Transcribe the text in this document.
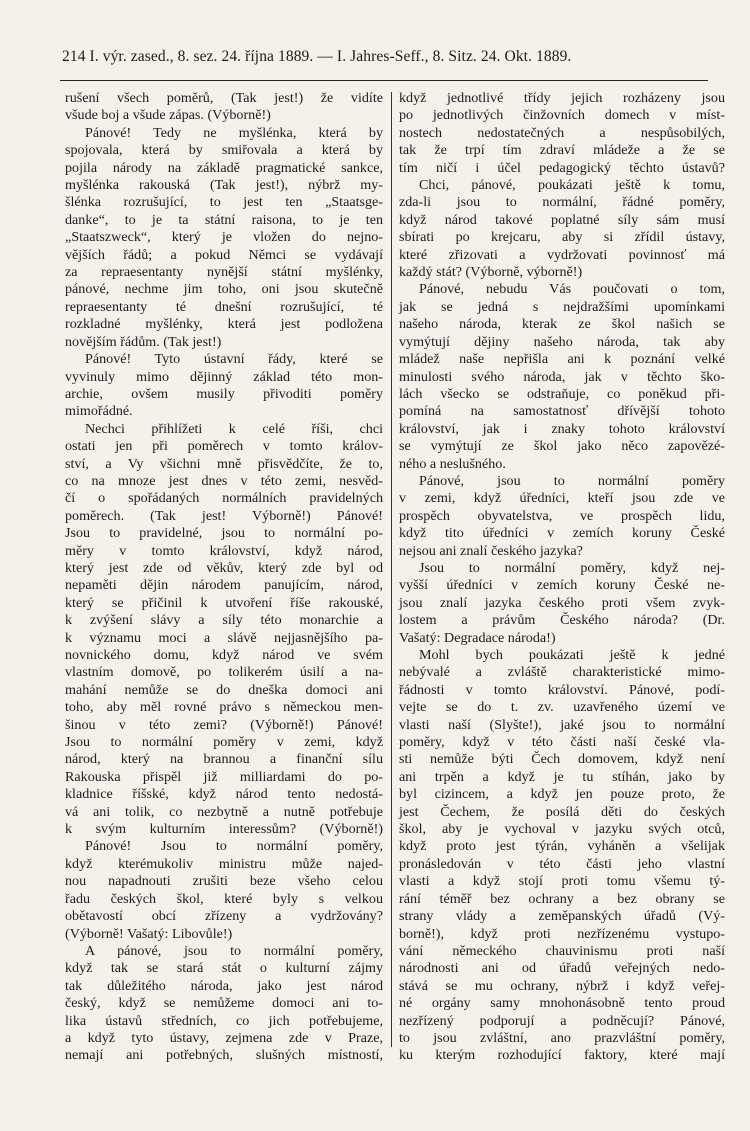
214 I. výr. zased., 8. sez. 24. října 1889. — I. Jahres-Seff., 8. Sitz. 24. Okt. 1889.
rušení všech poměrů, (Tak jest!) že vidíte
všude boj a všude zápas. (Výborně!)
Pánové! Tedy ne myšlénka, která by
spojovala, která by smiřovala a která by
pojila národy na základě pragmatické sankce,
myšlénka rakouská (Tak jest!), nýbrž my-
šlénka rozrušující, to jest ten „Staatsge-
danke“, to je ta státní raisona, to je ten
„Staatszweck“, který je vložen do nejno-
vějších řádů; a pokud Němci se vydávají
za repraesentanty nynější státní myšlénky,
pánové, nechme jim toho, oni jsou skutečně
repraesentanty té dnešní rozrušující, té
rozkladné myšlénky, která jest podložena
novějším řádům. (Tak jest!)
Pánové! Tyto ústavní řády, které se
vyvinuly mimo dějinný základ této mon-
archie, ovšem musily přivoditi poměry
mimořádné.
Nechci přihlížeti k celé říši, chci
ostati jen při poměrech v tomto králov-
ství, a Vy všichni mně přisvědčíte, že to,
co na mnoze jest dnes v této zemi, nesvěd-
čí o spořádaných normálních pravidelných
poměrech. (Tak jest! Výborně!) Pánové!
Jsou to pravidelné, jsou to normální po-
měry v tomto království, když národ,
který jest zde od věkův, který zde byl od
nepaměti dějin národem panujícím, národ,
který se přičinil k utvoření říše rakouské,
k zvýšení slávy a síly této monarchie a
k významu moci a slávě nejjasnějšího pa-
novnického domu, když národ ve svém
vlastním domově, po tolikerém úsilí a na-
mahání nemůže se do dneška domoci ani
toho, aby měl rovné právo s německou men-
šinou v této zemi? (Výborně!) Pánové!
Jsou to normální poměry v zemi, když
národ, který na brannou a finanční sílu
Rakouska přispěl již milliardami do po-
kladnice říšské, když národ tento nedostá-
vá ani tolik, co nezbytně a nutně potřebuje
k svým kulturním interessům? (Výborně!)
Pánové! Jsou to normální poměry,
když kterémukoliv ministru může najed-
nou napadnouti zrušiti beze všeho celou
řadu českých škol, které byly s velkou
obětavostí obcí zřízeny a vydržovány?
(Výborně! Vašatý: Libovůle!)
A pánové, jsou to normální poměry,
když tak se stará stát o kulturní zájmy
tak důležitého národa, jako jest národ
český, když se nemůžeme domoci ani to-
lika ústavů středních, co jich potřebujeme,
a když tyto ústavy, zejmena zde v Praze,
nemají ani potřebných, slušných místností,
když jednotlivé třídy jejich rozházeny jsou
po jednotlivých činžovních domech v míst-
nostech nedostatečných a nespůsobilých,
tak že trpí tím zdraví mládeže a že se
tím ničí i účel pedagogický těchto ústavů?
Chci, pánové, poukázati ještě k tomu,
zda-li jsou to normální, řádné poměry,
když národ takové poplatné síly sám musí
sbírati po krejcaru, aby si zřídil ústavy,
které zřizovati a vydržovati povinnosť má
každý stát? (Výborně, výborně!)
Pánové, nebudu Vás poučovati o tom,
jak se jedná s nejdražšími upomínkami
našeho národa, kterak ze škol našich se
vymýtují dějiny našeho národa, tak aby
mládež naše nepřišla ani k poznání velké
minulosti svého národa, jak v těchto ško-
lách všecko se odstraňuje, co poněkud při-
pomíná na samostatnosť dřívější tohoto
království, jak i znaky tohoto království
se vymýtují ze škol jako něco zapovězé-
ného a neslušného.
Pánové, jsou to normální poměry
v zemi, když úředníci, kteří jsou zde ve
prospěch obyvatelstva, ve prospěch lidu,
když tito úředníci v zemích koruny České
nejsou ani znalí českého jazyka?
Jsou to normální poměry, když nej-
vyšší úředníci v zemích koruny České ne-
jsou znalí jazyka českého proti všem zvyk-
lostem a právům Českého národa? (Dr.
Vašatý: Degradace národa!)
Mohl bych poukázati ještě k jedné
nebývalé a zvláště charakteristické mimo-
řádnosti v tomto království. Pánové, podí-
vejte se do t. zv. uzavřeného území ve
vlasti naší (Slyšte!), jaké jsou to normální
poměry, když v této části naší české vla-
sti nemůže býti Čech domovem, když není
ani trpěn a když je tu stíhán, jako by
byl cizincem, a když jen pouze proto, že
jest Čechem, že posílá děti do českých
škol, aby je vychoval v jazyku svých otců,
když proto jest týrán, vyháněn a všelijak
pronásledován v této části jeho vlastní
vlasti a když stojí proti tomu všemu tý-
rání téměř bez ochrany a bez obrany se
strany vlády a zeměpanských úřadů (Vý-
borně!), když proti nezřízenému vystupo-
vání německého chauvinismu proti naší
národnosti ani od úřadů veřejných nedo-
stává se mu ochrany, nýbrž i když veřej-
né orgány samy mnohonásobně tento proud
nezřízený podporují a podněcují? Pánové,
to jsou zvláštní, ano prazvláštní poměry,
ku kterým rozhodující faktory, které mají
